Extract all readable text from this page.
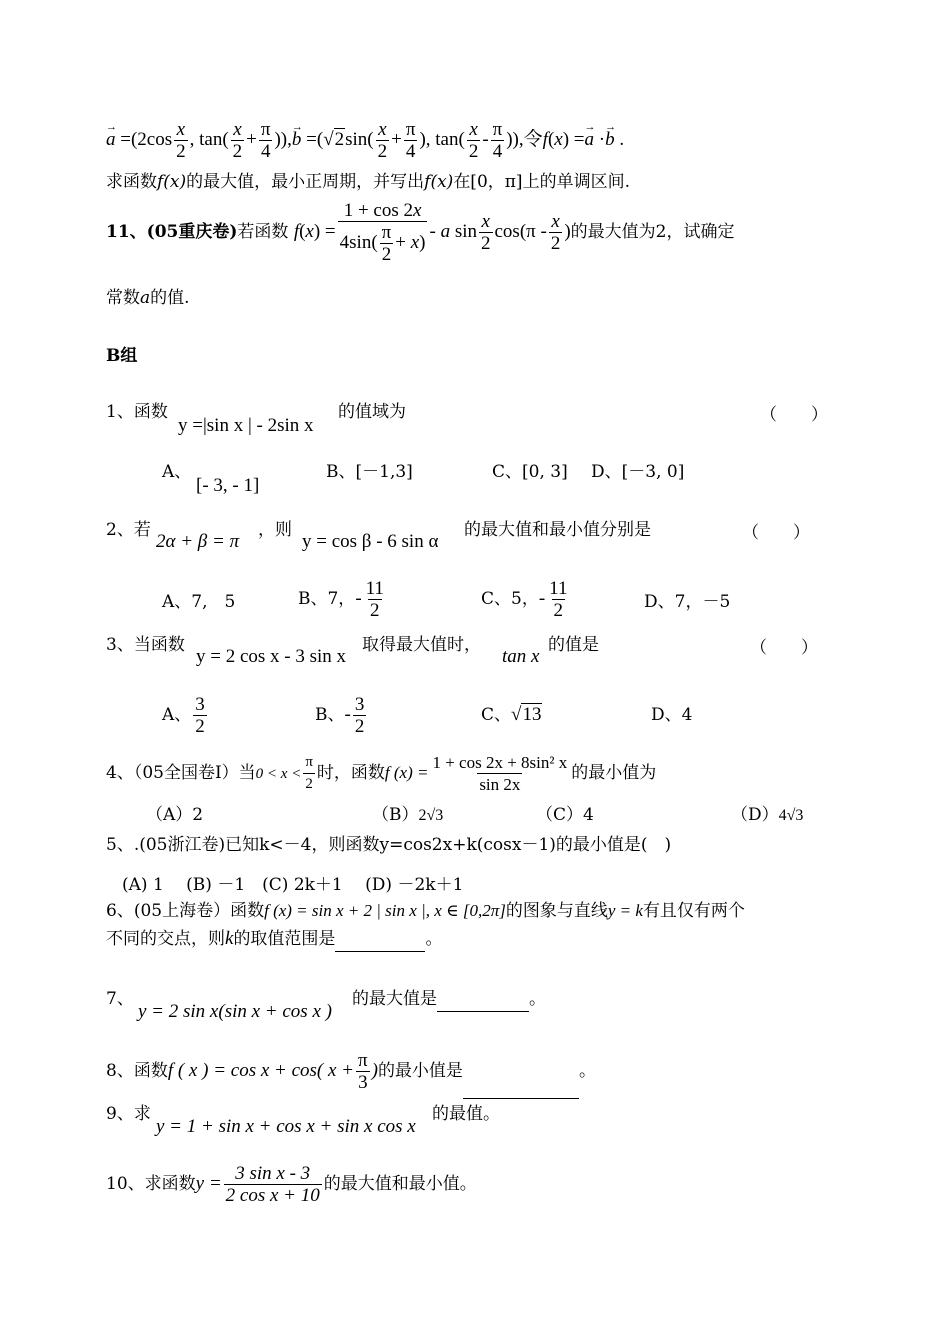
→ $a =(2\cos \frac{x}{2}$ , $\tan( \frac{x}{2} + \frac{\pi}{4}$ )),→ $b =(√2\sin( \frac{x}{2} + \frac{\pi}{4}$ ), $\tan( \frac{x}{2} - \frac{\pi}{4}$ )),令f(x) =→ a ·→ b .
求函数f(x)的最大值，最小正周期，并写出f(x)在[0，π]上的单调区间.
11、(05重庆卷)若函数 $f(x) = \frac{1 + \cos 2x}{4\sin( \frac{\pi}{2} + x)} - a$ $\sin \frac{x}{2} \cos(\pi - \frac{x}{2}$ )的最大值为2，试确定
常数a的值.
B组
1、函数
y =|sin x | - 2sin x
的值域为	（　　）
A、
[- 3, - 1]
B、[－1,3]	C、[0, 3] D、[－3, 0]
2、若
2α + β = π
，则
y = cos β - 6 sin α
的最大值和最小值分别是	（　　）
A、7,　5	B、7，- $\frac{11}{2}$	C、5，- $\frac{11}{2}$	D、7，－5
3、当函数
y = 2 cos x - 3 sin x
取得最大值时，
tan x
的值是	（　　）
A、 $\frac{3}{2}$	B、- $\frac{3}{2}$	C、√13	D、4
4、（05全国卷Ⅰ）当$0 < x < \frac{\pi}{2}$ 时，函数f $(x) = \frac{\text{1 + cos 2x + 8sin² x}}{\sin 2x}$ 的最小值为
（A）2	（B）2√3	（C）4	（D）4√3
5、.(05浙江卷)已知k<－4，则函数y=cos2x+k(cosx－1)的最小值是(　)
(A) 1　 (B) －1　(C) 2k＋1　 (D) －2k＋1
6、(05上海卷）函数f (x) = sin x + 2 | sin x |, x ∈ [0,2π]的图象与直线y = k有且仅有两个
不同的交点，则k的取值范围是	。
7、
y = 2 sin x(sin x + cos x )
的最大值是	。
8、函数f ( x ) = cos x + cos( $x + \frac{\pi}{3}$ )的最小值是	。
9、求
y = 1 + sin x + cos x + sin x cos x
的最值。
10、求函数$y = \frac{\text{3 sin x - 3}}{\text{2 cos x + 10}}$ 的最大值和最小值。
